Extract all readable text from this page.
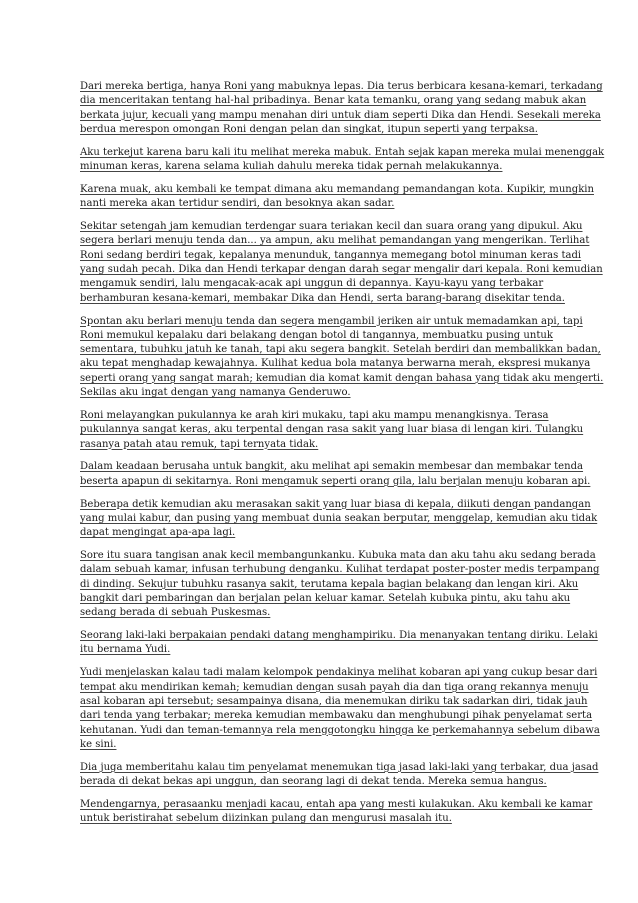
Dari mereka bertiga, hanya Roni yang mabuknya lepas. Dia terus berbicara kesana-kemari, terkadang
dia menceritakan tentang hal-hal pribadinya. Benar kata temanku, orang yang sedang mabuk akan
berkata jujur, kecuali yang mampu menahan diri untuk diam seperti Dika dan Hendi. Sesekali mereka
berdua merespon omongan Roni dengan pelan dan singkat, itupun seperti yang terpaksa.
Aku terkejut karena baru kali itu melihat mereka mabuk. Entah sejak kapan mereka mulai menenggak
minuman keras, karena selama kuliah dahulu mereka tidak pernah melakukannya.
Karena muak, aku kembali ke tempat dimana aku memandang pemandangan kota. Kupikir, mungkin
nanti mereka akan tertidur sendiri, dan besoknya akan sadar.
Sekitar setengah jam kemudian terdengar suara teriakan kecil dan suara orang yang dipukul. Aku
segera berlari menuju tenda dan... ya ampun, aku melihat pemandangan yang mengerikan. Terlihat
Roni sedang berdiri tegak, kepalanya menunduk, tangannya memegang botol minuman keras tadi
yang sudah pecah. Dika dan Hendi terkapar dengan darah segar mengalir dari kepala. Roni kemudian
mengamuk sendiri, lalu mengacak-acak api unggun di depannya. Kayu-kayu yang terbakar
berhamburan kesana-kemari, membakar Dika dan Hendi, serta barang-barang disekitar tenda.
Spontan aku berlari menuju tenda dan segera mengambil jeriken air untuk memadamkan api, tapi
Roni memukul kepalaku dari belakang dengan botol di tangannya, membuatku pusing untuk
sementara, tubuhku jatuh ke tanah, tapi aku segera bangkit. Setelah berdiri dan membalikkan badan,
aku tepat menghadap kewajahnya. Kulihat kedua bola matanya berwarna merah, ekspresi mukanya
seperti orang yang sangat marah; kemudian dia komat kamit dengan bahasa yang tidak aku mengerti.
Sekilas aku ingat dengan yang namanya Genderuwo.
Roni melayangkan pukulannya ke arah kiri mukaku, tapi aku mampu menangkisnya. Terasa
pukulannya sangat keras, aku terpental dengan rasa sakit yang luar biasa di lengan kiri. Tulangku
rasanya patah atau remuk, tapi ternyata tidak.
Dalam keadaan berusaha untuk bangkit, aku melihat api semakin membesar dan membakar tenda
beserta apapun di sekitarnya. Roni mengamuk seperti orang gila, lalu berjalan menuju kobaran api.
Beberapa detik kemudian aku merasakan sakit yang luar biasa di kepala, diikuti dengan pandangan
yang mulai kabur, dan pusing yang membuat dunia seakan berputar, menggelap, kemudian aku tidak
dapat mengingat apa-apa lagi.
Sore itu suara tangisan anak kecil membangunkanku. Kubuka mata dan aku tahu aku sedang berada
dalam sebuah kamar, infusan terhubung denganku. Kulihat terdapat poster-poster medis terpampang
di dinding. Sekujur tubuhku rasanya sakit, terutama kepala bagian belakang dan lengan kiri. Aku
bangkit dari pembaringan dan berjalan pelan keluar kamar. Setelah kubuka pintu, aku tahu aku
sedang berada di sebuah Puskesmas.
Seorang laki-laki berpakaian pendaki datang menghampiriku. Dia menanyakan tentang diriku. Lelaki
itu bernama Yudi.
Yudi menjelaskan kalau tadi malam kelompok pendakinya melihat kobaran api yang cukup besar dari
tempat aku mendirikan kemah; kemudian dengan susah payah dia dan tiga orang rekannya menuju
asal kobaran api tersebut; sesampainya disana, dia menemukan diriku tak sadarkan diri, tidak jauh
dari tenda yang terbakar; mereka kemudian membawaku dan menghubungi pihak penyelamat serta
kehutanan. Yudi dan teman-temannya rela menggotongku hingga ke perkemahannya sebelum dibawa
ke sini.
Dia juga memberitahu kalau tim penyelamat menemukan tiga jasad laki-laki yang terbakar, dua jasad
berada di dekat bekas api unggun, dan seorang lagi di dekat tenda. Mereka semua hangus.
Mendengarnya, perasaanku menjadi kacau, entah apa yang mesti kulakukan. Aku kembali ke kamar
untuk beristirahat sebelum diizinkan pulang dan mengurusi masalah itu.
